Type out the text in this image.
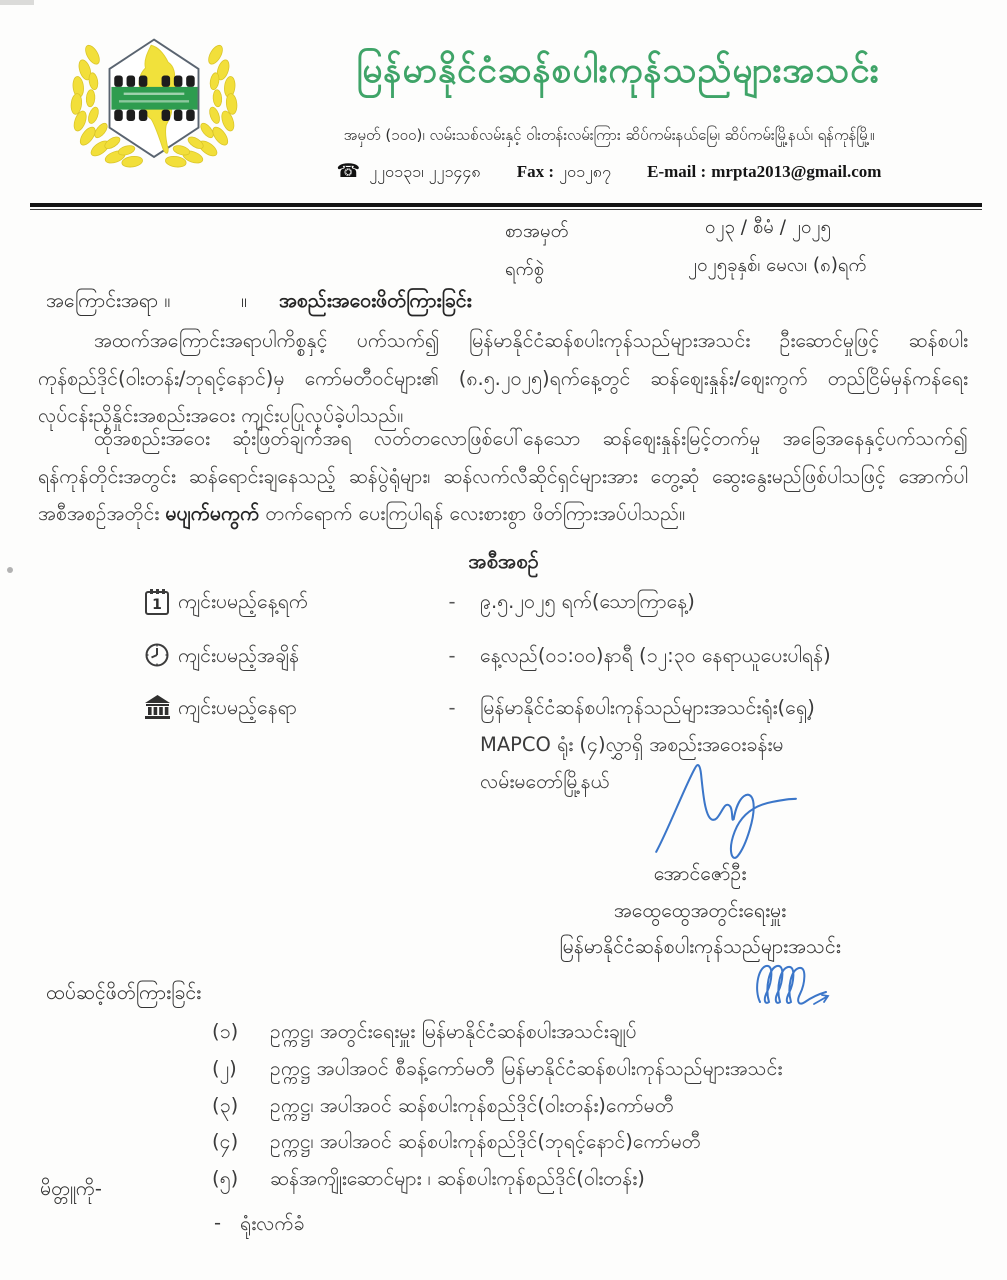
မြန်မာနိုင်ငံဆန်စပါးကုန်သည်များအသင်း
အမှတ် (၁၀၀)၊ လမ်းသစ်လမ်းနှင့် ဝါးတန်းလမ်းကြား ဆိပ်ကမ်းနယ်မြေ၊ ဆိပ်ကမ်းမြို့နယ်၊ ရန်ကုန်မြို့။
☎ ၂၂၀၁၃၁၊ ၂၂၁၄၄၈ Fax : ၂၀၁၂၈၇ E-mail : mrpta2013@gmail.com
စာအမှတ်	၀၂၃ / စီမံ / ၂၀၂၅
ရက်စွဲ	၂၀၂၅ခုနှစ်၊ မေလ၊ (၈)ရက်
အကြောင်းအရာ ။	။	အစည်းအဝေးဖိတ်ကြားခြင်း
အထက်အကြောင်းအရာပါကိစ္စနှင့် ပက်သက်၍ မြန်မာနိုင်ငံဆန်စပါးကုန်သည်များအသင်း ဦးဆောင်မှုဖြင့် ဆန်စပါးကုန်စည်ဒိုင်(ဝါးတန်း/ဘုရင့်နောင်)မှ ကော်မတီဝင်များ၏ (၈.၅.၂၀၂၅)ရက်နေ့တွင် ဆန်ဈေးနှုန်း/ဈေးကွက် တည်ငြိမ်မှန်ကန်ရေး လုပ်ငန်းညှိနှိုင်းအစည်းအဝေး ကျင်းပပြုလုပ်ခဲ့ပါသည်။
ထိုအစည်းအဝေး ဆုံးဖြတ်ချက်အရ လတ်တလောဖြစ်ပေါ်နေသော ဆန်ဈေးနှုန်းမြင့်တက်မှု အခြေအနေနှင့်ပက်သက်၍ ရန်ကုန်တိုင်းအတွင်း ဆန်ရောင်းချနေသည့် ဆန်ပွဲရုံများ၊ ဆန်လက်လီဆိုင်ရှင်များအား တွေ့ဆုံ ဆွေးနွေးမည်ဖြစ်ပါသဖြင့် အောက်ပါအစီအစဉ်အတိုင်း မပျက်မကွက် တက်ရောက် ပေးကြပါရန် လေးစားစွာ ဖိတ်ကြားအပ်ပါသည်။
အစီအစဉ်
1 ကျင်းပမည့်နေ့ရက်	-	၉.၅.၂၀၂၅ ရက်(သောကြာနေ့)
ကျင်းပမည့်အချိန်	-	နေ့လည်(၀၁:၀၀)နာရီ (၁၂:၃၀ နေရာယူပေးပါရန်)
ကျင်းပမည့်နေရာ	-	မြန်မာနိုင်ငံဆန်စပါးကုန်သည်များအသင်းရုံး(ရှေ့)
MAPCO ရုံး (၄)လွှာရှိ အစည်းအဝေးခန်းမ
လမ်းမတော်မြို့နယ်
အောင်ဇော်ဦး
အထွေထွေအတွင်းရေးမှူး
မြန်မာနိုင်ငံဆန်စပါးကုန်သည်များအသင်း
ထပ်ဆင့်ဖိတ်ကြားခြင်း
(၁)	ဥက္ကဋ္ဌ၊ အတွင်းရေးမှူး မြန်မာနိုင်ငံဆန်စပါးအသင်းချုပ်
(၂)	ဥက္ကဋ္ဌ အပါအဝင် စီခန့်ကော်မတီ မြန်မာနိုင်ငံဆန်စပါးကုန်သည်များအသင်း
(၃)	ဥက္ကဋ္ဌ၊ အပါအဝင် ဆန်စပါးကုန်စည်ဒိုင်(ဝါးတန်း)ကော်မတီ
(၄)	ဥက္ကဋ္ဌ၊ အပါအဝင် ဆန်စပါးကုန်စည်ဒိုင်(ဘုရင့်နောင်)ကော်မတီ
(၅)	ဆန်အကျိုးဆောင်များ ၊ ဆန်စပါးကုန်စည်ဒိုင်(ဝါးတန်း)
မိတ္တူကို-
- ရုံးလက်ခံ
